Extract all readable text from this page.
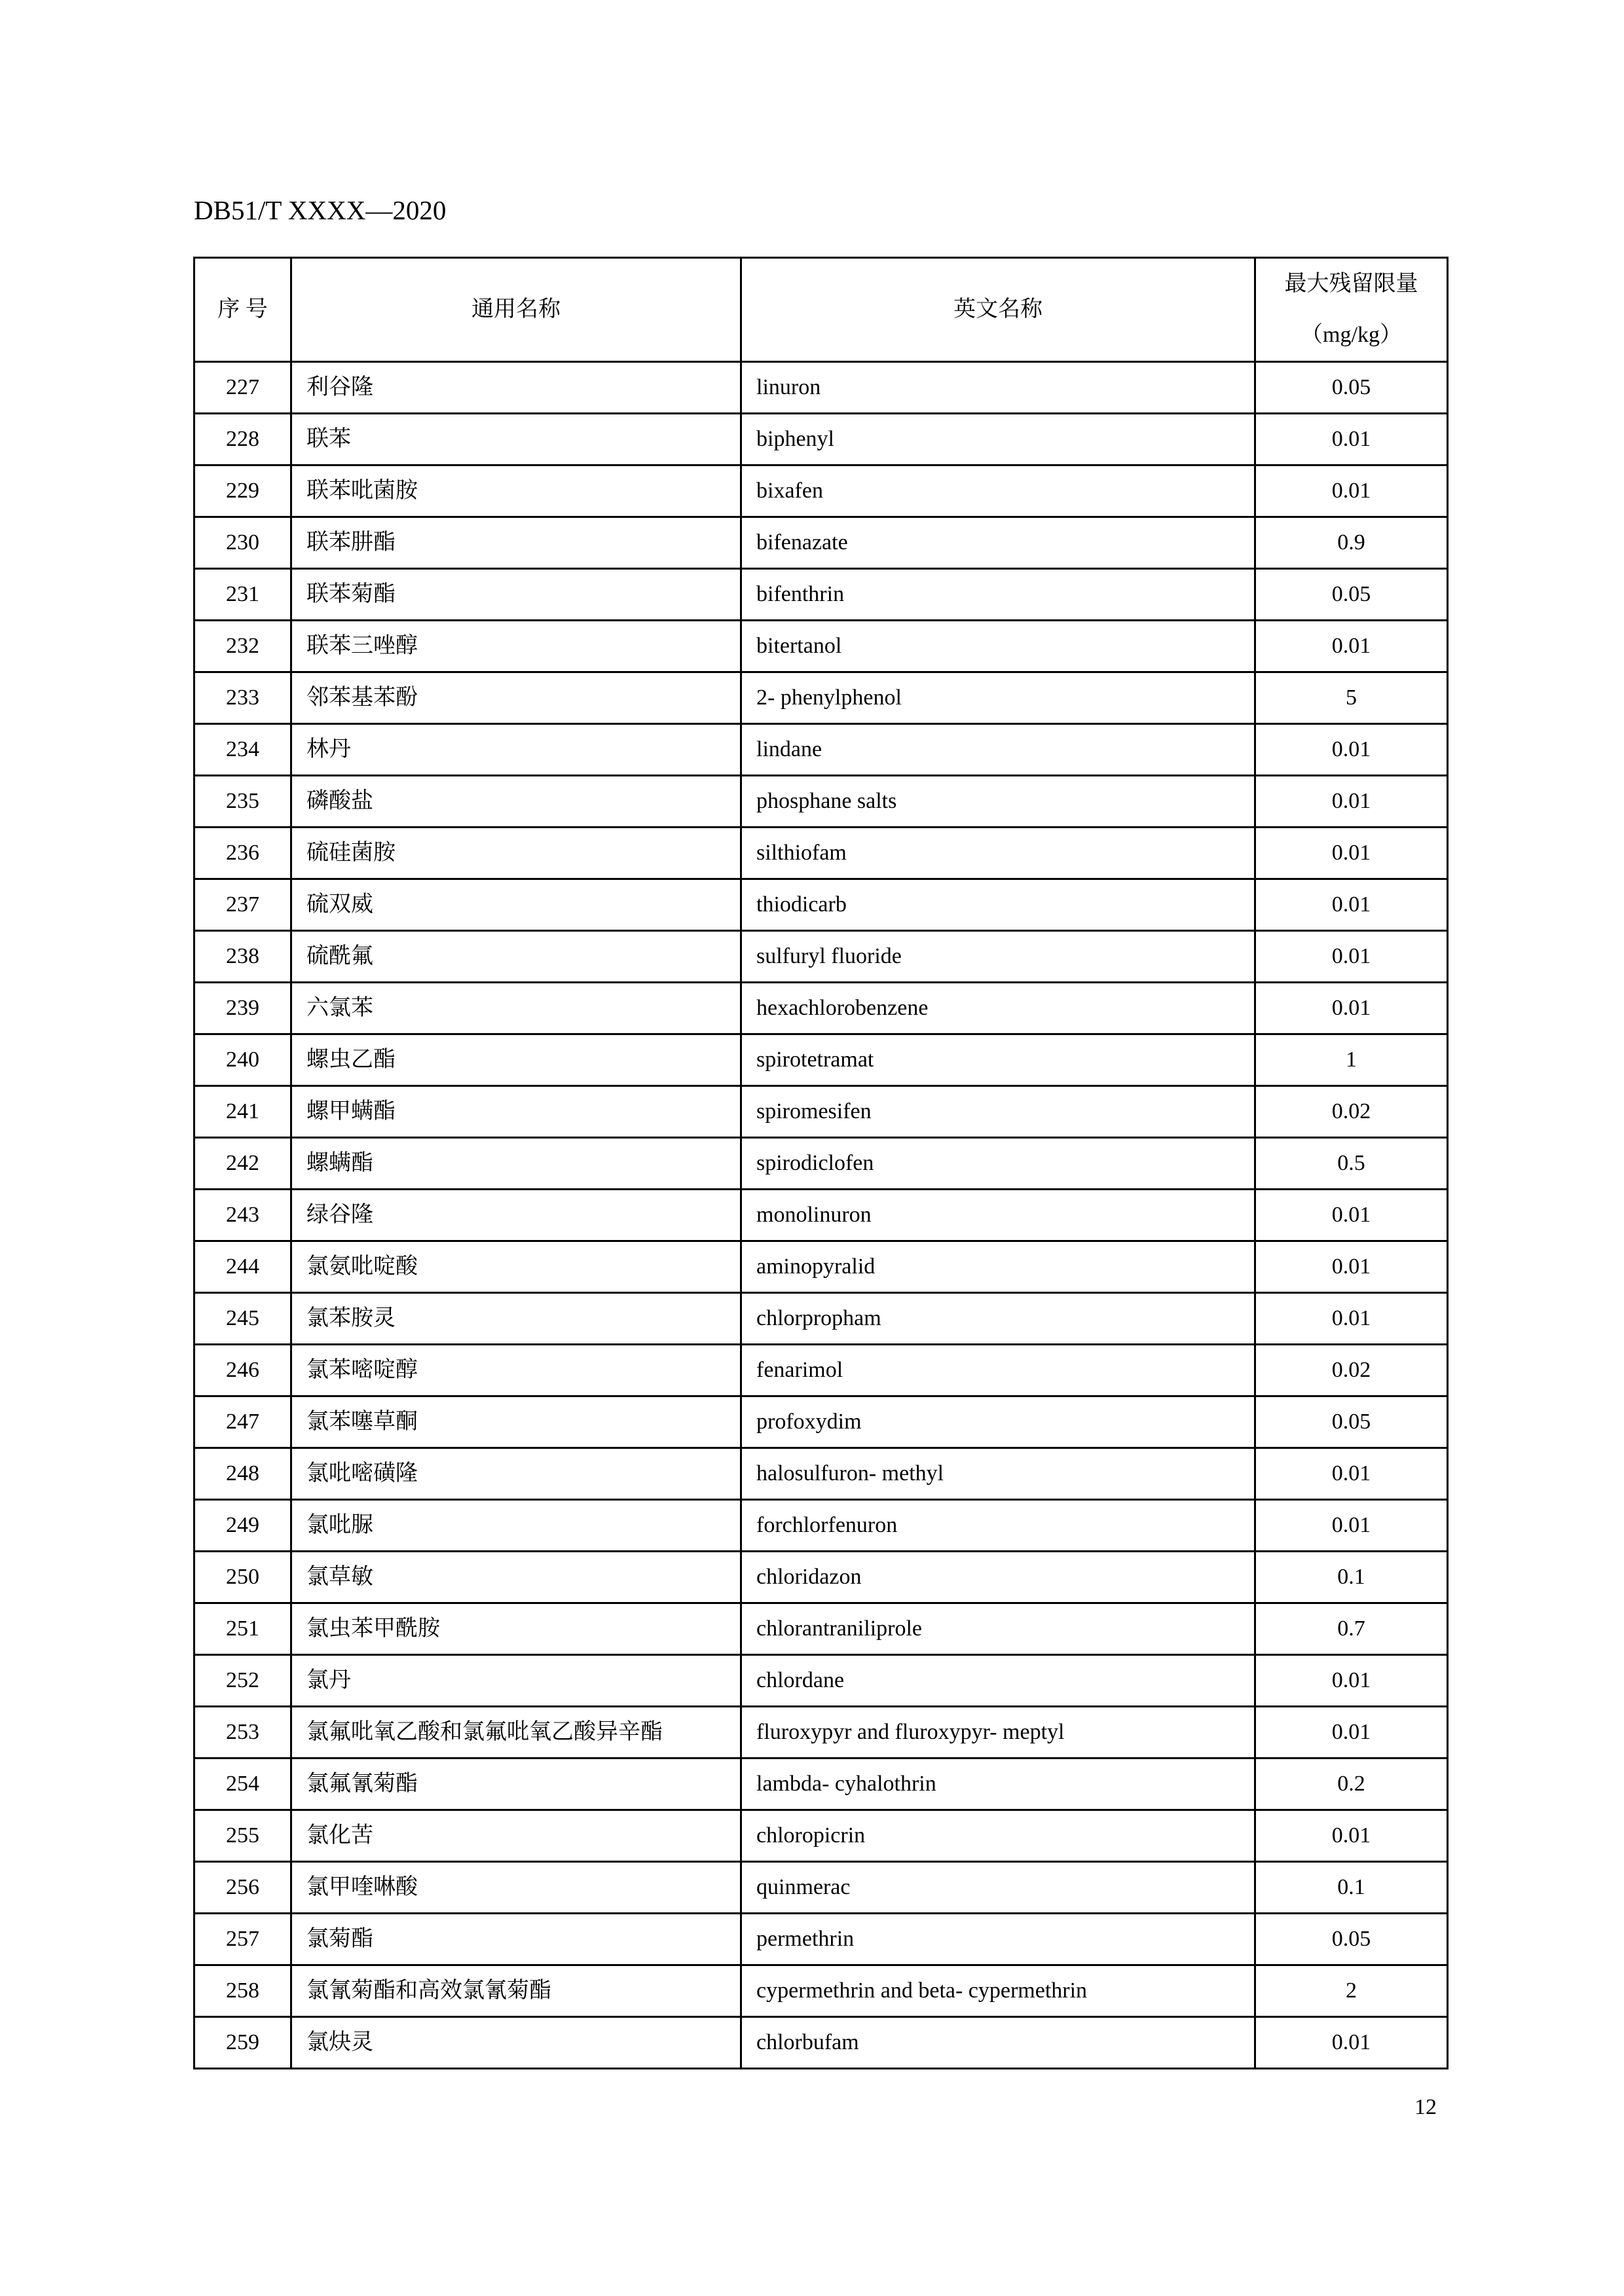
DB51/T XXXX—2020
序 号	通用名称	英文名称	最大残留限量
（mg/kg）

227	利谷隆	linuron	0.05
228	联苯	biphenyl	0.01
229	联苯吡菌胺	bixafen	0.01
230	联苯肼酯	bifenazate	0.9
231	联苯菊酯	bifenthrin	0.05
232	联苯三唑醇	bitertanol	0.01
233	邻苯基苯酚	2- phenylphenol	5
234	林丹	lindane	0.01
235	磷酸盐	phosphane salts	0.01
236	硫硅菌胺	silthiofam	0.01
237	硫双威	thiodicarb	0.01
238	硫酰氟	sulfuryl fluoride	0.01
239	六氯苯	hexachlorobenzene	0.01
240	螺虫乙酯	spirotetramat	1
241	螺甲螨酯	spiromesifen	0.02
242	螺螨酯	spirodiclofen	0.5
243	绿谷隆	monolinuron	0.01
244	氯氨吡啶酸	aminopyralid	0.01
245	氯苯胺灵	chlorpropham	0.01
246	氯苯嘧啶醇	fenarimol	0.02
247	氯苯噻草酮	profoxydim	0.05
248	氯吡嘧磺隆	halosulfuron- methyl	0.01
249	氯吡脲	forchlorfenuron	0.01
250	氯草敏	chloridazon	0.1
251	氯虫苯甲酰胺	chlorantraniliprole	0.7
252	氯丹	chlordane	0.01
253	氯氟吡氧乙酸和氯氟吡氧乙酸异辛酯	fluroxypyr and fluroxypyr- meptyl	0.01
254	氯氟氰菊酯	lambda- cyhalothrin	0.2
255	氯化苦	chloropicrin	0.01
256	氯甲喹啉酸	quinmerac	0.1
257	氯菊酯	permethrin	0.05
258	氯氰菊酯和高效氯氰菊酯	cypermethrin and beta- cypermethrin	2
259	氯炔灵	chlorbufam	0.01
12
